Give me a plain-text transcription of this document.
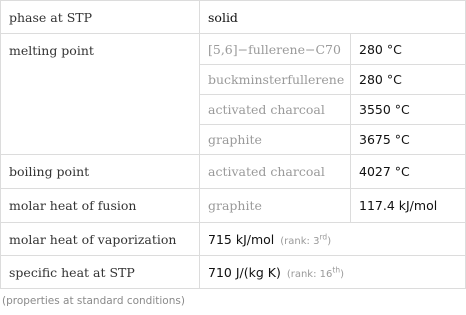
phase at STP	solid	
melting point	[5,6]−fullerene−C70	280 °C
	buckminsterfullerene	280 °C
	activated charcoal	3550 °C
	graphite	3675 °C
boiling point	activated charcoal	4027 °C
molar heat of fusion	graphite	117.4 kJ/mol
molar heat of vaporization	715 kJ/mol (rank: 3rd)	
specific heat at STP	710 J/(kg K) (rank: 16th)	
(properties at standard conditions)
